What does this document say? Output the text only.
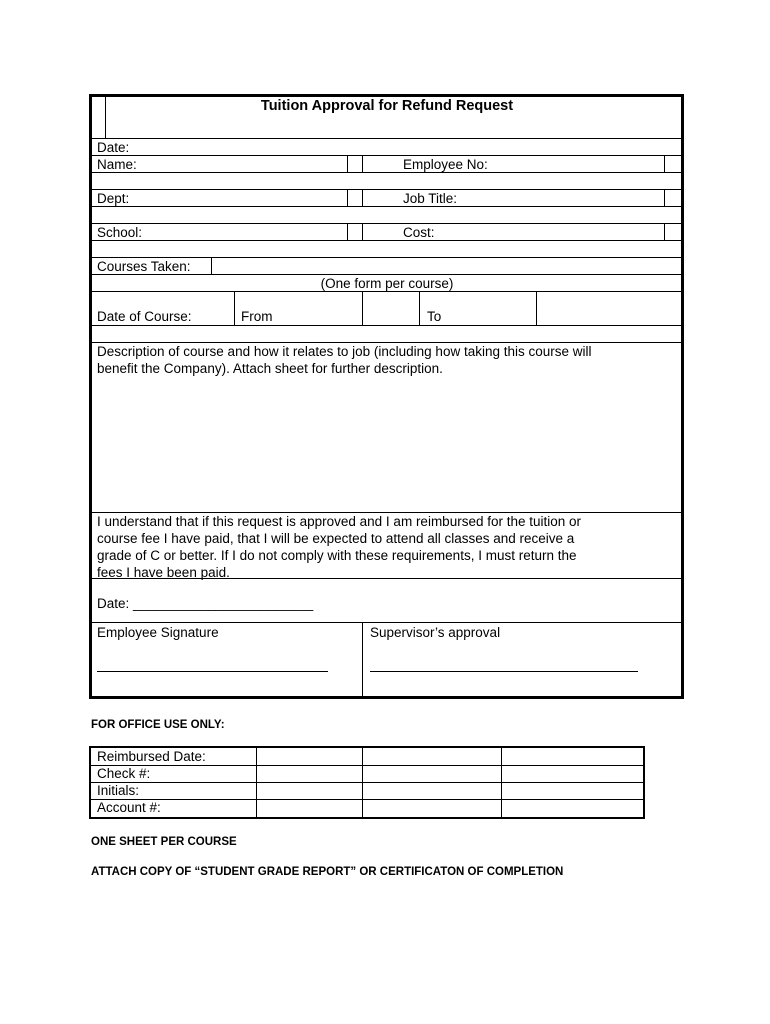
Tuition Approval for Refund Request
Date:
Name:	Employee No:
Dept:	Job Title:
School:	Cost:
Courses Taken:
(One form per course)
Date of Course:	From	To
Description of course and how it relates to job (including how taking this course will
benefit the Company). Attach sheet for further description.
I understand that if this request is approved and I am reimbursed for the tuition or
course fee I have paid, that I will be expected to attend all classes and receive a
grade of C or better. If I do not comply with these requirements, I must return the
fees I have been paid.
Date: ________________________
Employee Signature	Supervisor’s approval
FOR OFFICE USE ONLY:
Reimbursed Date:
Check #:
Initials:
Account #:
ONE SHEET PER COURSE
ATTACH COPY OF “STUDENT GRADE REPORT” OR CERTIFICATON OF COMPLETION
